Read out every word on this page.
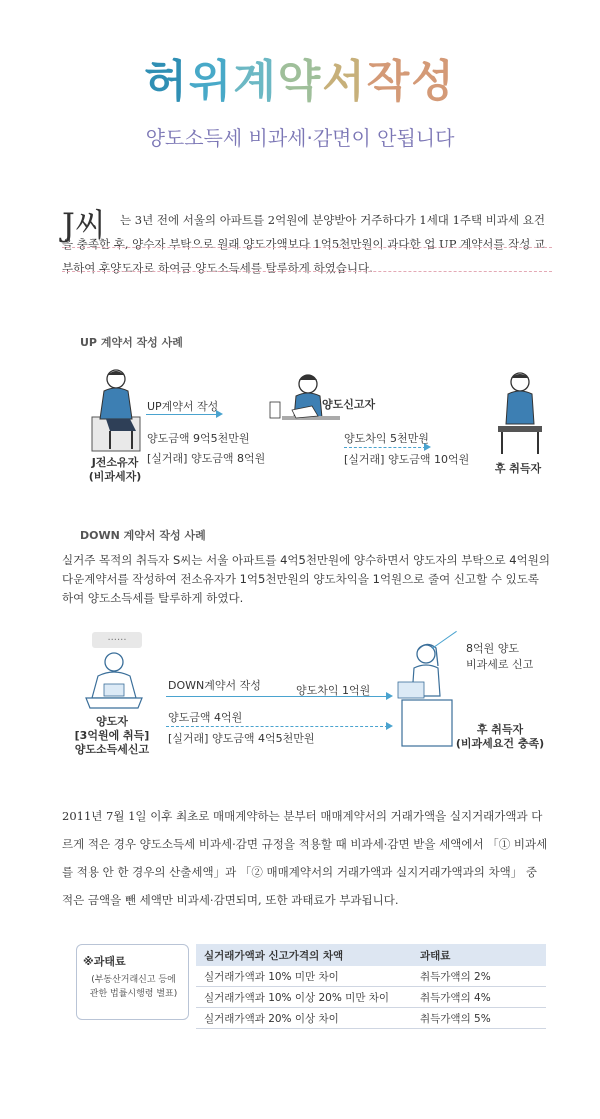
허위계약서작성
양도소득세 비과세·감면이 안됩니다
J씨	는 3년 전에 서울의 아파트를 2억원에 분양받아 거주하다가 1세대 1주택 비과세 요건을 충족한 후, 양수자 부탁으로 원래 양도가액보다 1억5천만원이 과다한 업 UP 계약서를 작성 교부하여 후양도자로 하여금 양도소득세를 탈루하게 하였습니다.
UP 계약서 작성 사례
J전소유자
(비과세자)
UP계약서 작성
양도금액 9억5천만원
[실거래] 양도금액 8억원
양도신고자
양도차익 5천만원
[실거래] 양도금액 10억원
후 취득자
DOWN 계약서 작성 사례
실거주 목적의 취득자 S씨는 서울 아파트를 4억5천만원에 양수하면서 양도자의 부탁으로 4억원의 다운계약서를 작성하여 전소유자가 1억5천만원의 양도차익을 1억원으로 줄여 신고할 수 있도록 하여 양도소득세를 탈루하게 하였다.
......
양도자
[3억원에 취득]
양도소득세신고
DOWN계약서 작성	양도차익 1억원
양도금액 4억원
[실거래] 양도금액 4억5천만원
8억원 양도
비과세로 신고
후 취득자
(비과세요건 충족)
2011년 7월 1일 이후 최초로 매매계약하는 분부터 매매계약서의 거래가액을 실지거래가액과 다르게 적은 경우 양도소득세 비과세·감면 규정을 적용할 때 비과세·감면 받을 세액에서 「① 비과세를 적용 안 한 경우의 산출세액」과 「② 매매계약서의 거래가액과 실지거래가액과의 차액」 중 적은 금액을 뺀 세액만 비과세·감면되며, 또한 과태료가 부과됩니다.
※과태료
(부동산거래신고 등에
관한 법률시행령 별표)
실거래가액과 신고가격의 차액	과태료
실거래가액과 10% 미만 차이	취득가액의 2%
실거래가액과 10% 이상 20% 미만 차이	취득가액의 4%
실거래가액과 20% 이상 차이	취득가액의 5%
